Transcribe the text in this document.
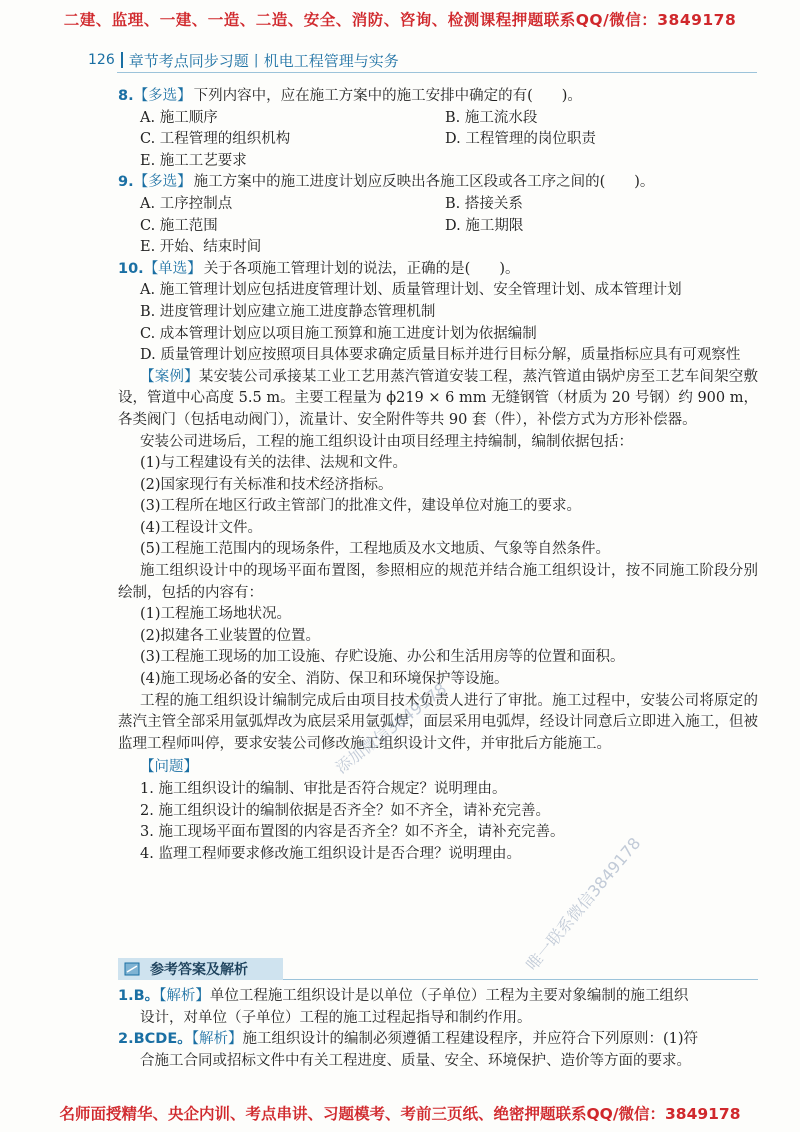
二建、监理、一建、一造、二造、安全、消防、咨询、检测课程押题联系QQ/微信：3849178
126 章节考点同步习题丨机电工程管理与实务
8. 【多选】 下列内容中，应在施工方案中的施工安排中确定的有(　　)。
A. 施工顺序	B. 施工流水段
C. 工程管理的组织机构	D. 工程管理的岗位职责
E. 施工工艺要求
9. 【多选】 施工方案中的施工进度计划应反映出各施工区段或各工序之间的(　　)。
A. 工序控制点	B. 搭接关系
C. 施工范围	D. 施工期限
E. 开始、结束时间
10. 【单选】 关于各项施工管理计划的说法，正确的是(　　)。
A. 施工管理计划应包括进度管理计划、质量管理计划、安全管理计划、成本管理计划
B. 进度管理计划应建立施工进度静态管理机制
C. 成本管理计划应以项目施工预算和施工进度计划为依据编制
D. 质量管理计划应按照项目具体要求确定质量目标并进行目标分解，质量指标应具有可观察性
【案例】某安装公司承接某工业工艺用蒸汽管道安装工程，蒸汽管道由锅炉房至工艺车间架空敷设，管道中心高度 5.5 m。主要工程量为 ϕ219 × 6 mm 无缝钢管（材质为 20 号钢）约 900 m，各类阀门（包括电动阀门），流量计、安全附件等共 90 套（件），补偿方式为方形补偿器。
安装公司进场后，工程的施工组织设计由项目经理主持编制，编制依据包括：
(1)与工程建设有关的法律、法规和文件。
(2)国家现行有关标准和技术经济指标。
(3)工程所在地区行政主管部门的批准文件，建设单位对施工的要求。
(4)工程设计文件。
(5)工程施工范围内的现场条件，工程地质及水文地质、气象等自然条件。
施工组织设计中的现场平面布置图，参照相应的规范并结合施工组织设计，按不同施工阶段分别绘制，包括的内容有：
(1)工程施工场地状况。
(2)拟建各工业装置的位置。
(3)工程施工现场的加工设施、存贮设施、办公和生活用房等的位置和面积。
(4)施工现场必备的安全、消防、保卫和环境保护等设施。
工程的施工组织设计编制完成后由项目技术负责人进行了审批。施工过程中，安装公司将原定的蒸汽主管全部采用氩弧焊改为底层采用氩弧焊，面层采用电弧焊，经设计同意后立即进入施工，但被监理工程师叫停，要求安装公司修改施工组织设计文件，并审批后方能施工。
【问题】
1. 施工组织设计的编制、审批是否符合规定？说明理由。
2. 施工组织设计的编制依据是否齐全？如不齐全，请补充完善。
3. 施工现场平面布置图的内容是否齐全？如不齐全，请补充完善。
4. 监理工程师要求修改施工组织设计是否合理？说明理由。
参考答案及解析
1.B。【解析】单位工程施工组织设计是以单位（子单位）工程为主要对象编制的施工组织
设计，对单位（子单位）工程的施工过程起指导和制约作用。
2.BCDE。【解析】施工组织设计的编制必须遵循工程建设程序，并应符合下列原则：(1)符
合施工合同或招标文件中有关工程进度、质量、安全、环境保护、造价等方面的要求。
添加微信3849178
唯一联系微信3849178
名师面授精华、央企内训、考点串讲、习题模考、考前三页纸、绝密押题联系QQ/微信：3849178
